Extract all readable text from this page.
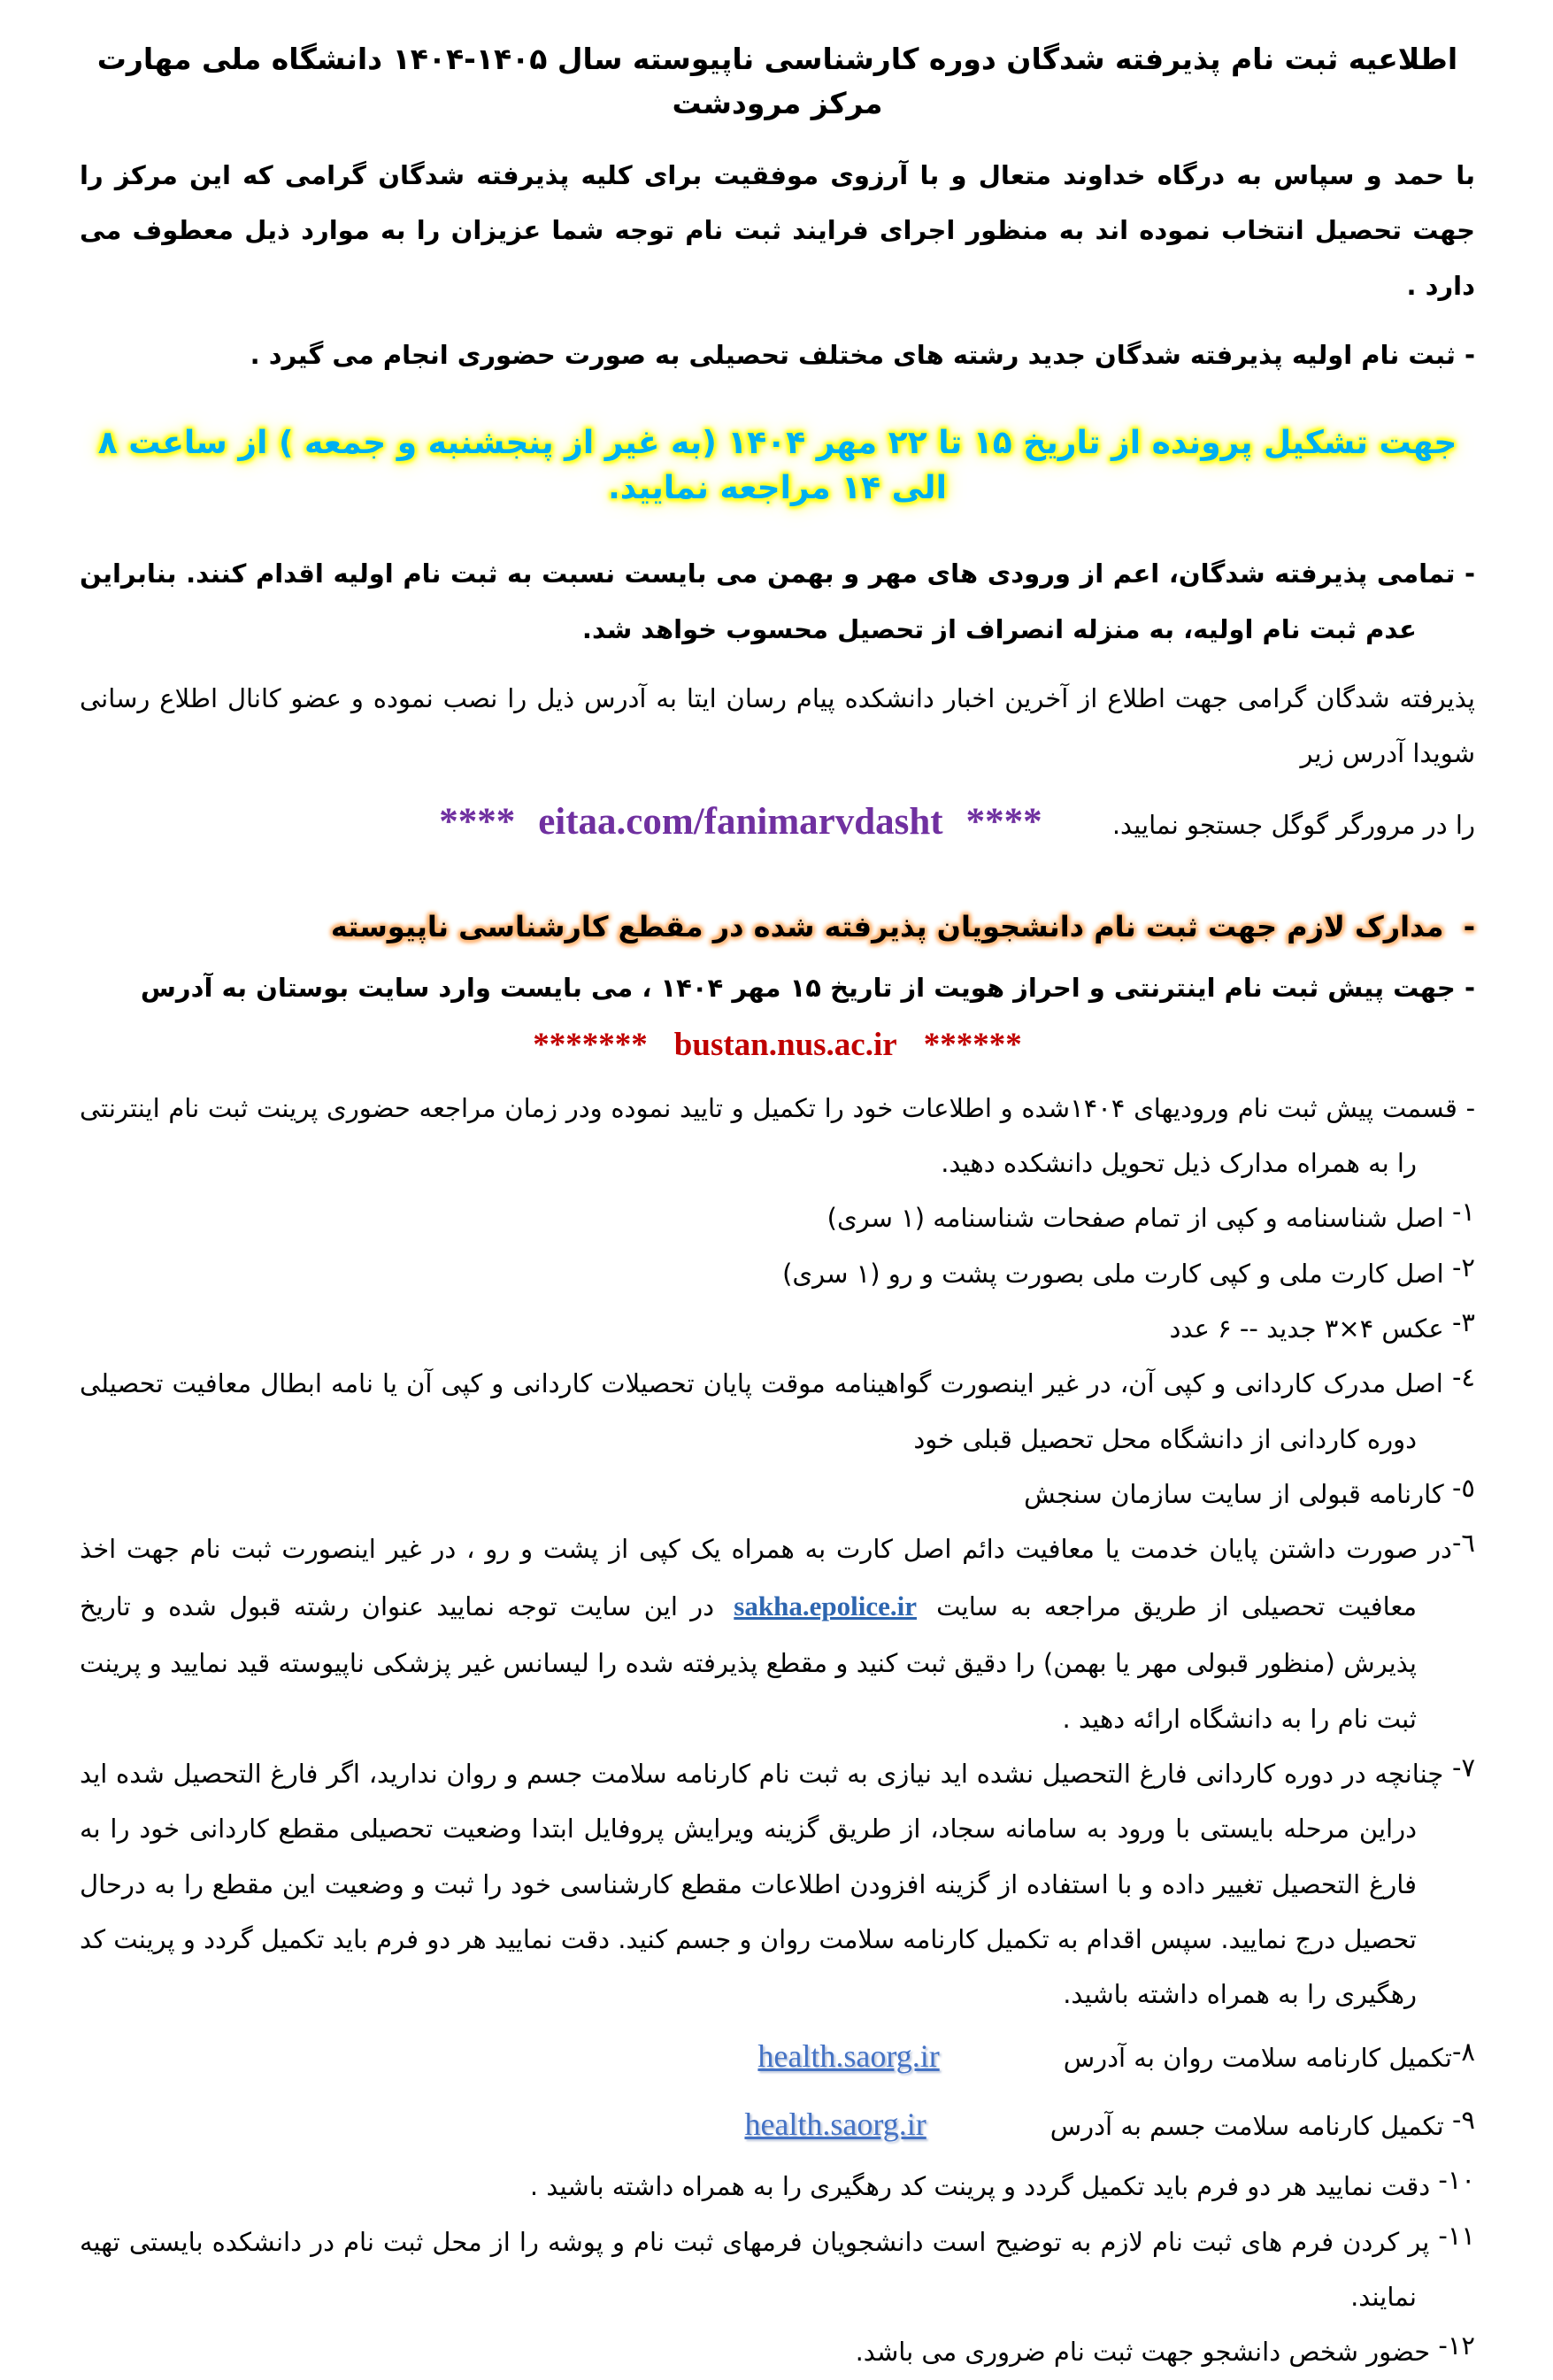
اطلاعیه ثبت نام پذیرفته شدگان دوره کارشناسی ناپیوسته سال ۱۴۰۵-۱۴۰۴ دانشگاه ملی مهارت مرکز مرودشت

با حمد و سپاس به درگاه خداوند متعال و با آرزوی موفقیت برای کلیه پذیرفته شدگان گرامی که این مرکز را جهت تحصیل انتخاب نموده اند به منظور اجرای فرایند ثبت نام توجه شما عزیزان را به موارد ذیل معطوف می دارد .

- ثبت نام اولیه پذیرفته شدگان جدید رشته های مختلف تحصیلی به صورت حضوری انجام می گیرد .

جهت تشکیل پرونده از تاریخ ۱۵ تا ۲۲ مهر ۱۴۰۴ (به غیر از پنجشنبه و جمعه ) از ساعت ۸ الی ۱۴ مراجعه نمایید.

- تمامی پذیرفته شدگان، اعم از ورودی های مهر و بهمن می بایست نسبت به ثبت نام اولیه اقدام کنند. بنابراین عدم ثبت نام اولیه، به منزله انصراف از تحصیل محسوب خواهد شد.

پذیرفته شدگان گرامی جهت اطلاع از آخرین اخبار دانشکده پیام رسان ایتا به آدرس ذیل را نصب نموده و عضو کانال اطلاع رسانی شویدا آدرس زیر

را در مرورگر گوگل جستجو نمایید. **** eitaa.com/fanimarvdasht ****
-  مدارک لازم جهت ثبت نام دانشجویان پذیرفته شده در مقطع کارشناسی ناپیوسته

- جهت پیش ثبت نام اینترنتی و احراز هویت از تاریخ ۱۵ مهر ۱۴۰۴ ، می بایست وارد سایت بوستان به آدرس

******* bustan.nus.ac.ir ******

- قسمت پیش ثبت نام ورودیهای ۱۴۰۴شده و اطلاعات خود را تکمیل و تایید نموده ودر زمان مراجعه حضوری پرینت ثبت نام اینترنتی را به همراه مدارک ذیل تحویل دانشکده دهید.

۱- اصل شناسنامه و کپی از تمام صفحات شناسنامه (۱ سری)

۲- اصل کارت ملی و کپی کارت ملی بصورت پشت و رو (۱ سری)

۳- عکس ۴×۳ جدید -- ۶ عدد

٤- اصل مدرک کاردانی و کپی آن، در غیر اینصورت گواهینامه موقت پایان تحصیلات کاردانی و کپی آن یا نامه ابطال معافیت تحصیلی دوره کاردانی از دانشگاه محل تحصیل قبلی خود

٥- کارنامه قبولی از سایت سازمان سنجش

٦-در صورت داشتن پایان خدمت یا معافیت دائم اصل کارت به همراه یک کپی از پشت و رو ، در غیر اینصورت ثبت نام جهت اخذ معافیت تحصیلی از طریق مراجعه به سایت sakha.epolice.ir در این سایت توجه نمایید عنوان رشته قبول شده و تاریخ پذیرش (منظور قبولی مهر یا بهمن) را دقیق ثبت کنید و مقطع پذیرفته شده را لیسانس غیر پزشکی ناپیوسته قید نمایید و پرینت ثبت نام را به دانشگاه ارائه دهید .

۷- چنانچه در دوره کاردانی فارغ التحصیل نشده اید نیازی به ثبت نام کارنامه سلامت جسم و روان ندارید، اگر فارغ التحصیل شده اید دراین مرحله بایستی با ورود به سامانه سجاد، از طریق گزینه ویرایش پروفایل ابتدا وضعیت تحصیلی مقطع کاردانی خود را به فارغ التحصیل تغییر داده و با استفاده از گزینه افزودن اطلاعات مقطع کارشناسی خود را ثبت و وضعیت این مقطع را به درحال تحصیل درج نمایید. سپس اقدام به تکمیل کارنامه سلامت روان و جسم کنید. دقت نمایید هر دو فرم باید تکمیل گردد و پرینت کد رهگیری را به همراه داشته باشید.

۸-تکمیل کارنامه سلامت روان به آدرسhealth.saorg.ir

۹- تکمیل کارنامه سلامت جسم به آدرسhealth.saorg.ir

۱۰- دقت نمایید هر دو فرم باید تکمیل گردد و پرینت کد رهگیری را به همراه داشته باشید .

۱۱- پر کردن فرم های ثبت نام لازم به توضیح است دانشجویان فرمهای ثبت نام و پوشه را از محل ثبت نام در دانشکده بایستی تهیه نمایند.

۱۲- حضور شخص دانشجو جهت ثبت نام ضروری می باشد.
